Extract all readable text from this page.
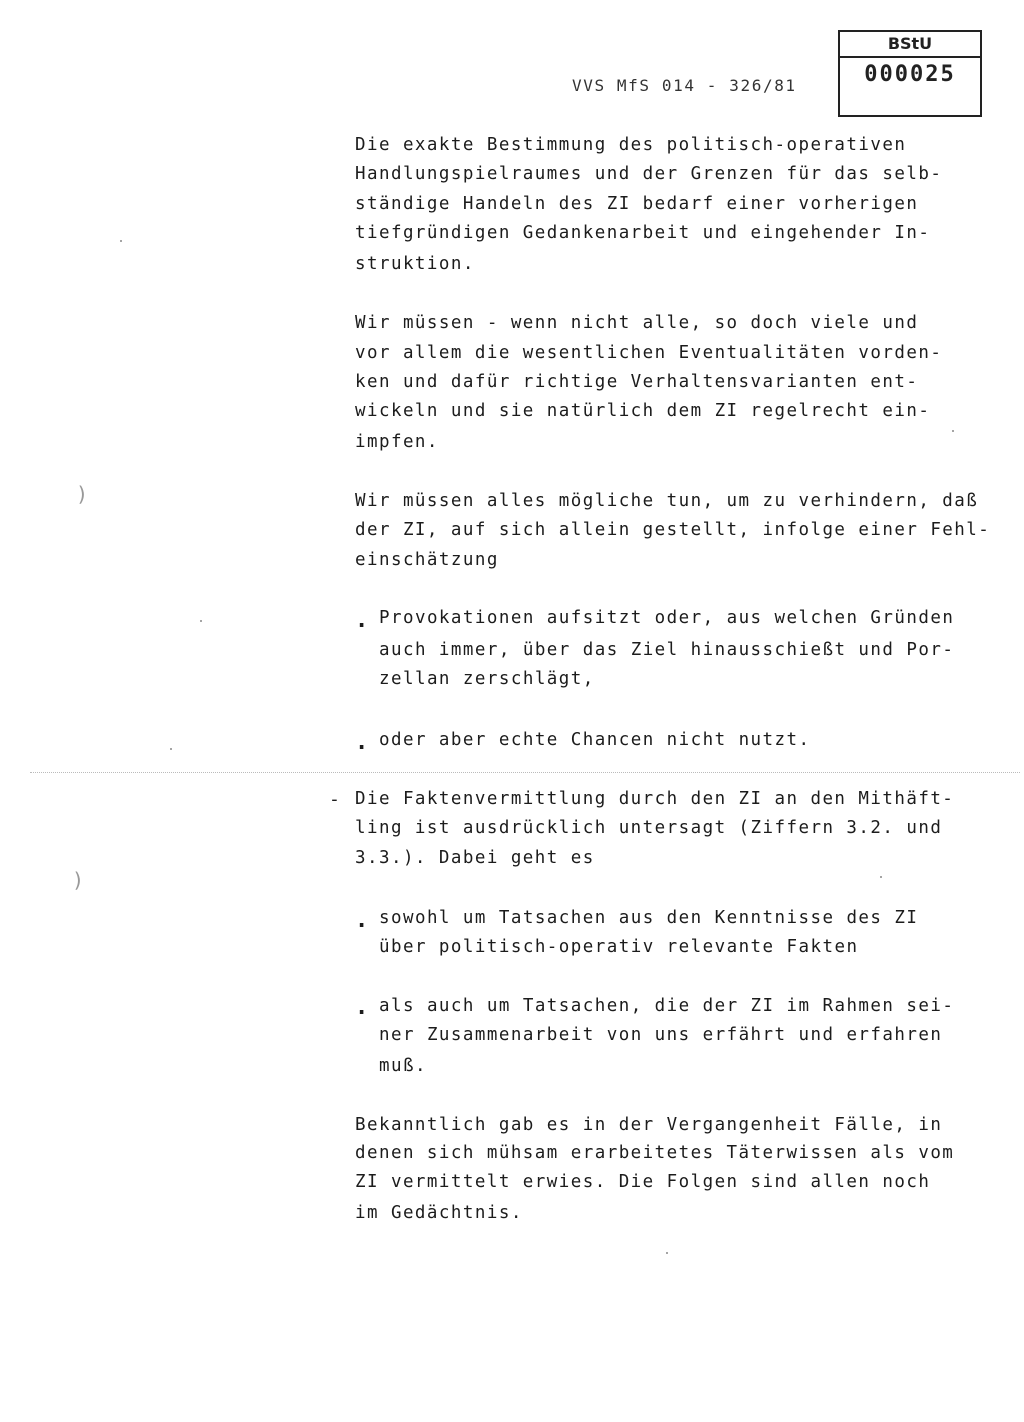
VVS MfS 014 - 326/81
BStU
000025
Die exakte Bestimmung des politisch-operativen
Handlungspielraumes und der Grenzen für das selb-
ständige Handeln des ZI bedarf einer vorherigen
tiefgründigen Gedankenarbeit und eingehender In-
struktion.
Wir müssen - wenn nicht alle, so doch viele und
vor allem die wesentlichen Eventualitäten vorden-
ken und dafür richtige Verhaltensvarianten ent-
wickeln und sie natürlich dem ZI regelrecht ein-
impfen.
Wir müssen alles mögliche tun, um zu verhindern, daß
der ZI, auf sich allein gestellt, infolge einer Fehl-
einschätzung
. Provokationen aufsitzt oder, aus welchen Gründen
auch immer, über das Ziel hinausschießt und Por-
zellan zerschlägt,
. oder aber echte Chancen nicht nutzt.
- Die Faktenvermittlung durch den ZI an den Mithäft-
ling ist ausdrücklich untersagt (Ziffern 3.2. und
3.3.). Dabei geht es
. sowohl um Tatsachen aus den Kenntnisse des ZI
über politisch-operativ relevante Fakten
. als auch um Tatsachen, die der ZI im Rahmen sei-
ner Zusammenarbeit von uns erfährt und erfahren
muß.
Bekanntlich gab es in der Vergangenheit Fälle, in
denen sich mühsam erarbeitetes Täterwissen als vom
ZI vermittelt erwies. Die Folgen sind allen noch
im Gedächtnis.
)
)
